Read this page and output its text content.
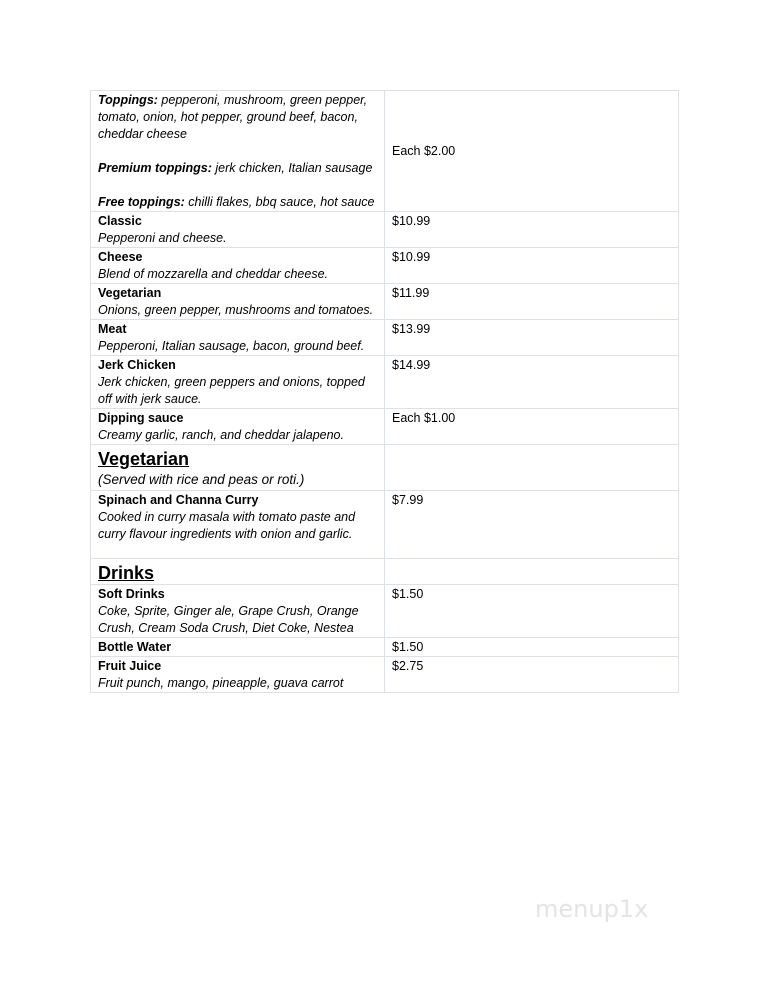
Toppings: pepperoni, mushroom, green pepper, tomato, onion, hot pepper, ground beef, bacon, cheddar cheese
Premium toppings: jerk chicken, Italian sausage
Free toppings: chilli flakes, bbq sauce, hot sauce	Each $2.00

Classic
Pepperoni and cheese.	$10.99

Cheese
Blend of mozzarella and cheddar cheese.	$10.99

Vegetarian
Onions, green pepper, mushrooms and tomatoes.	$11.99

Meat
Pepperoni, Italian sausage, bacon, ground beef.	$13.99

Jerk Chicken
Jerk chicken, green peppers and onions, topped off with jerk sauce.	$14.99

Dipping sauce
Creamy garlic, ranch, and cheddar jalapeno.	Each $1.00

Vegetarian
(Served with rice and peas or roti.)	

Spinach and Channa Curry
Cooked in curry masala with tomato paste and curry flavour ingredients with onion and garlic.	$7.99

Drinks	

Soft Drinks
Coke, Sprite, Ginger ale, Grape Crush, Orange Crush, Cream Soda Crush, Diet Coke, Nestea	$1.50

Bottle Water	$1.50

Fruit Juice
Fruit punch, mango, pineapple, guava carrot	$2.75
menup1x
